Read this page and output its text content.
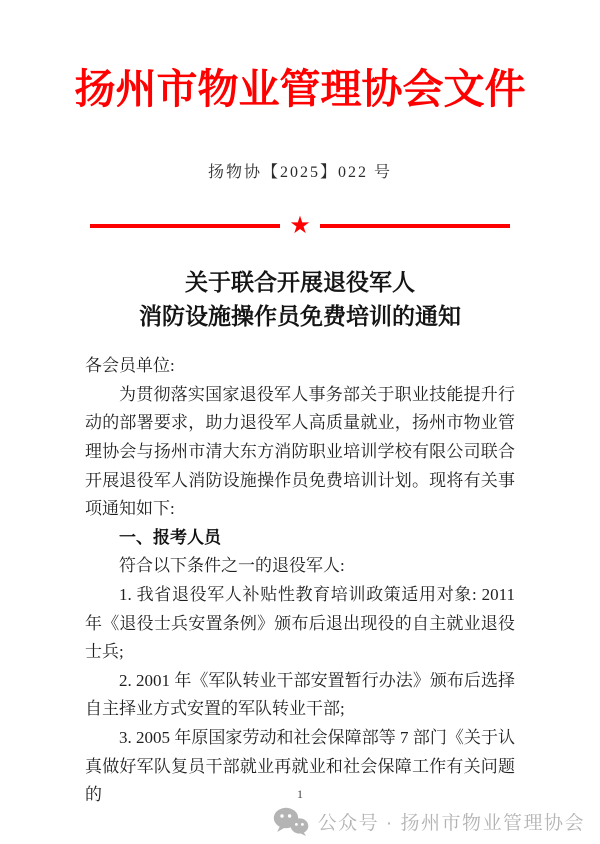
扬州市物业管理协会文件
扬物协【2025】022 号
★
关于联合开展退役军人
消防设施操作员免费培训的通知

各会员单位:

为贯彻落实国家退役军人事务部关于职业技能提升行动的部署要求，助力退役军人高质量就业，扬州市物业管理协会与扬州市清大东方消防职业培训学校有限公司联合开展退役军人消防设施操作员免费培训计划。现将有关事项通知如下:

一、报考人员

符合以下条件之一的退役军人:

1. 我省退役军人补贴性教育培训政策适用对象: 2011 年《退役士兵安置条例》颁布后退出现役的自主就业退役士兵;

2. 2001 年《军队转业干部安置暂行办法》颁布后选择自主择业方式安置的军队转业干部;

3. 2005 年原国家劳动和社会保障部等 7 部门《关于认真做好军队复员干部就业再就业和社会保障工作有关问题的	1
公众号 · 扬州市物业管理协会
